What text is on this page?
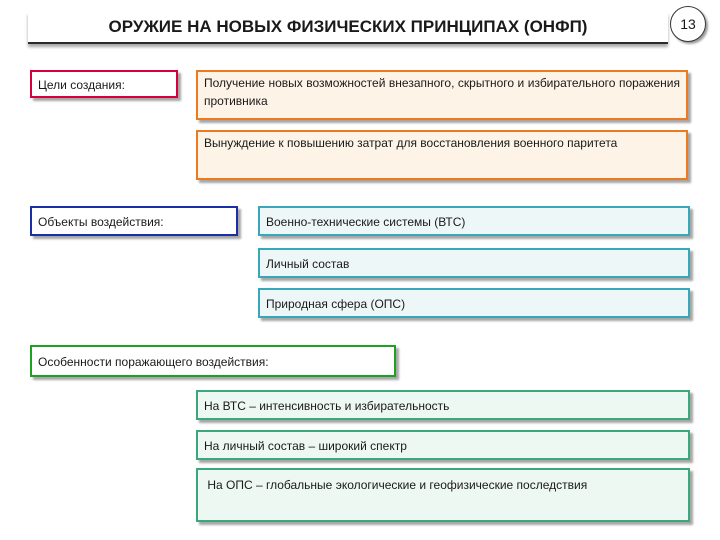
ОРУЖИЕ НА НОВЫХ ФИЗИЧЕСКИХ ПРИНЦИПАХ (ОНФП)	13
Цели создания:	Получение новых возможностей внезапного, скрытного и избирательного поражения противника
Вынуждение к повышению затрат для восстановления военного паритета
Объекты воздействия:	Военно-технические системы (ВТС)
Личный состав
Природная сфера (ОПС)
Особенности поражающего воздействия:
На ВТС – интенсивность и избирательность
На личный состав – широкий спектр
На ОПС – глобальные экологические и геофизические последствия
